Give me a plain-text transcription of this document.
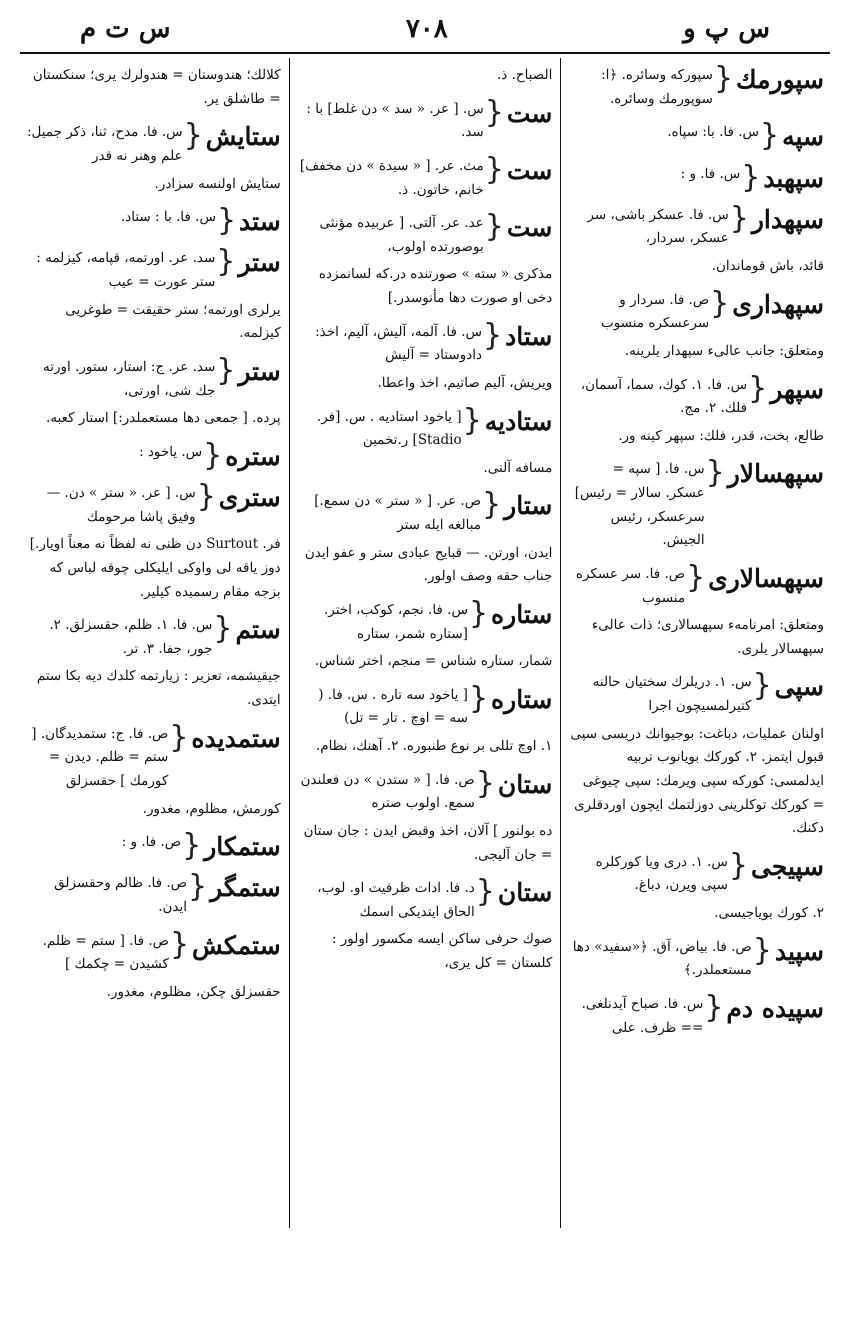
س پ و
٧٠٨
س ت م
سپورمك
{
سپورکه وسائره. ﴿ا: سوپورمك وسائره.
سپه
{
س. فا. با: سپاه.
سپهبد
{
س. فا. و :
سپهدار
{
س. فا. عسکر باشی، سر عسکر، سردار،
قائد، باش قوماندان.
سپهداری
{
ص. فا. سردار و سرعسکره منسوب
ومتعلق: جانب عالیء سپهدار یلرینه.
سپهر
{
س. فا. ١. کوك، سما، آسمان، فلك. ٢. مج.
طالع، بخت، قدر، فلك: سپهر کینه ور.
سپهسالار
{
س. فا. [ سپه = عسکر. سالار = رئیس] سرعسکر، رئیس الجیش.
سپهسالاری
{
ص. فا. سر عسکره منسوب
ومتعلق: امرنامهء سپهسالاری؛ ذات عالیء سپهسالار یلری.
سپی
{
س. ١. دریلرك سختیان حالنه کتیرلمسیچون اجرا
اولنان عملیات، دباغت: بوجیوانك دریسی سپی قبول ایتمز. ٢. کورکك بویانوب تربیه ایدلمسی: کورکه سپی ویرمك: سپی چیوغی = کورکك توکلرینی دوزلتمك ایچون اوردقلری دکنك.
سپیجی
{
س. ١. دری ویا کورکلره سپی ویرن، دباغ.
٢. کورك بویاجیسی.
سپید
{
ص. فا. بیاض، آق. ﴿«سفید» دها مستعملدر.﴾
سپیده دم
{
س. فا. صباح آیدنلغی. == ظرف. علی
الصباح. ذ.
ست
{
س. [ عر. « سد » دن غلط] با : سد.
ست
{
مث. عر. [ « سیدة » دن مخفف] خانم، خاتون. ذ.
ست
{
عد. عر. آلتی. [ عربیده مؤنثی بوصورتده اولوب،
مذکری « سته » صورتنده در.که لسانمزده دخی او صورت دها مأنوسدر.]
ستاد
{
س. فا. آلمه، آلیش، آلیم، اخذ: دادوستاد = آلیش
ویریش، آلیم صاتیم، اخذ واعطا.
ستادیه
{
[ یاخود استادیه . س. [فر. Stadio] ر.تخمین
مسافه آلتی.
ستار
{
ص. عر. [ « ستر » دن سمع.] مبالغه ایله ستر
ایدن، اورتن. — قبایح عبادی ستر و عفو ایدن جناب حقه وصف اولور.
ستاره
{
س. فا. نجم، کوکب، اختر. [ستاره شمر، ستاره
شمار، ستاره شناس = منجم، اختر شناس.
ستاره
{
[ یاخود سه تاره . س. فا. ( سه = اوچ . تار = تل)
١. اوچ تللی بر نوع طنبوره. ٢. آهنك، نظام.
ستان
{
ص. فا. [ « ستدن » دن فعلندن سمع. اولوب صتره
ده بولنور ] آلان، اخذ وقبض ایدن : جان ستان = جان آلیجی.
ستان
{
د. فا. ادات ظرفیت او. لوب، الحاق ایتدیکی اسمك
صوك حرفی ساکن ایسه مکسور اولور : کلستان = کل یری،
کلالك؛ هندوستان = هندولرك یری؛ سنکستان = طاشلق یر.
ستایش
{
س. فا. مدح، ثنا، ذکر جمیل: علم وهنر نه قدر
ستایش اولنسه سزادر.
ستد
{
س. فا. با : ستاد.
ستر
{
سد. عر. اورتمه، قپامه، کیزلمه : ستر عورت = عیب
یرلری اورتمه؛ ستر حقیقت = طوغریی کیزلمه.
ستر
{
سد. عر. ج: استار، ستور. اورته جك شی، اورتی،
پرده. [ جمعی دها مستعملدر:] استار کعبه.
ستره
{
س. یاخود :
ستری
{
س. [ عر. « ستر » دن. — وفیق پاشا مرحومك
فر. Surtout دن ظنی نه لفظاً نه معناً اویار.] دوز یاقه لی واوکی ایلیکلی چوقه لباس که بزجه مقام رسمیده کیلیر.
ستم
{
س. فا. ١. ظلم، حقسزلق. ٢. جور، جفا. ٣. تر.
جیقیشمه، تعزیر : زیارتمه کلدك دیه بکا ستم ایتدی.
ستمدیده
{
ص. فا. ج: ستمدیدگان. [ ستم = ظلم. دیدن = کورمك ] حقسزلق
کورمش، مظلوم، مغدور.
ستمکار
{
ص. فا. و :
ستمگر
{
ص. فا. ظالم وحقسزلق ایدن.
ستمکش
{
ص. فا. [ ستم = ظلم. کشیدن = چکمك ]
حقسزلق چکن، مظلوم، مغدور.
